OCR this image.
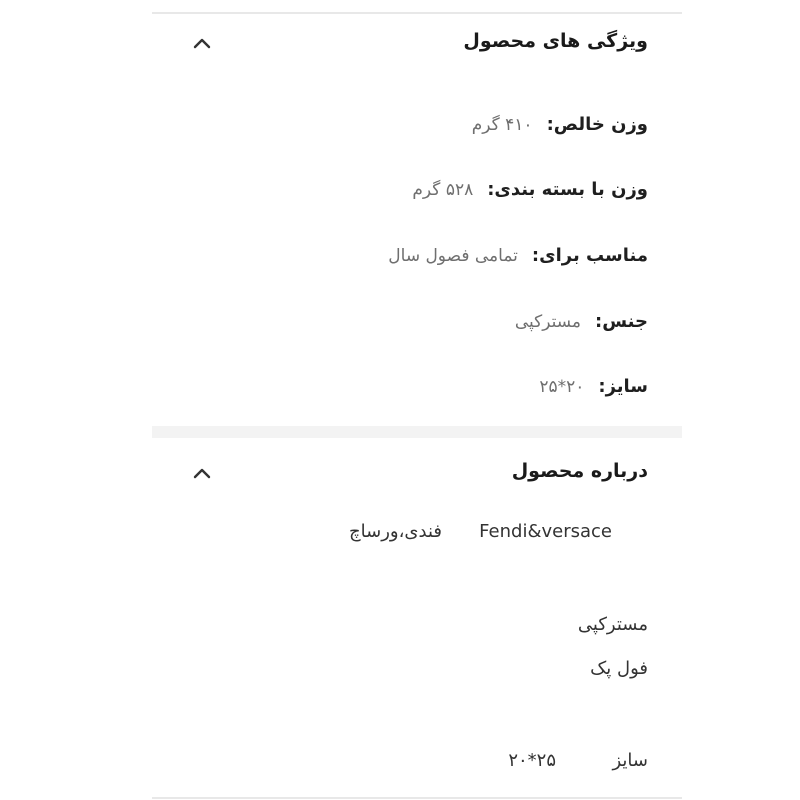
ویژگی های محصول
وزن خالص:
۴۱۰ گرم
وزن با بسته بندی:
۵۲۸ گرم
مناسب برای:
تمامی فصول سال
جنس:
مسترکپی
سایز:
۲۰*۲۵
درباره محصول
Fendi&versace
فندی،ورساچ
مسترکپی
فول پک
سایز
۲۵*۲۰
